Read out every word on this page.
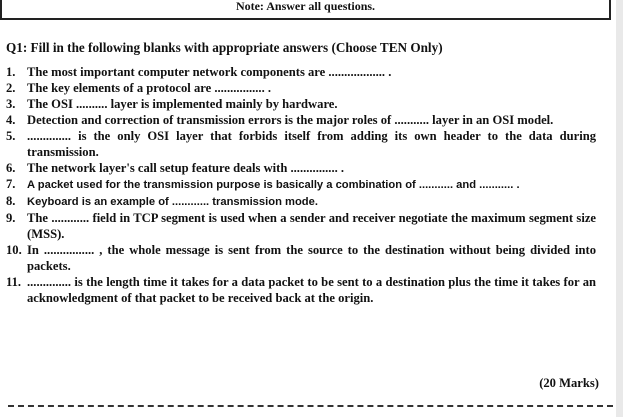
Note: Answer all questions.
Q1: Fill in the following blanks with appropriate answers (Choose TEN Only)
1. The most important computer network components are .................. .
2. The key elements of a protocol are ................ .
3. The OSI .......... layer is implemented mainly by hardware.
4. Detection and correction of transmission errors is the major roles of ........... layer in an OSI model.
5. .............. is the only OSI layer that forbids itself from adding its own header to the data during transmission.
6. The network layer's call setup feature deals with ............... .
7. A packet used for the transmission purpose is basically a combination of ........... and ........... .
8. Keyboard is an example of ............ transmission mode.
9. The ............ field in TCP segment is used when a sender and receiver negotiate the maximum segment size (MSS).
10. In ................ , the whole message is sent from the source to the destination without being divided into packets.
11. .............. is the length time it takes for a data packet to be sent to a destination plus the time it takes for an acknowledgment of that packet to be received back at the origin.
(20 Marks)
